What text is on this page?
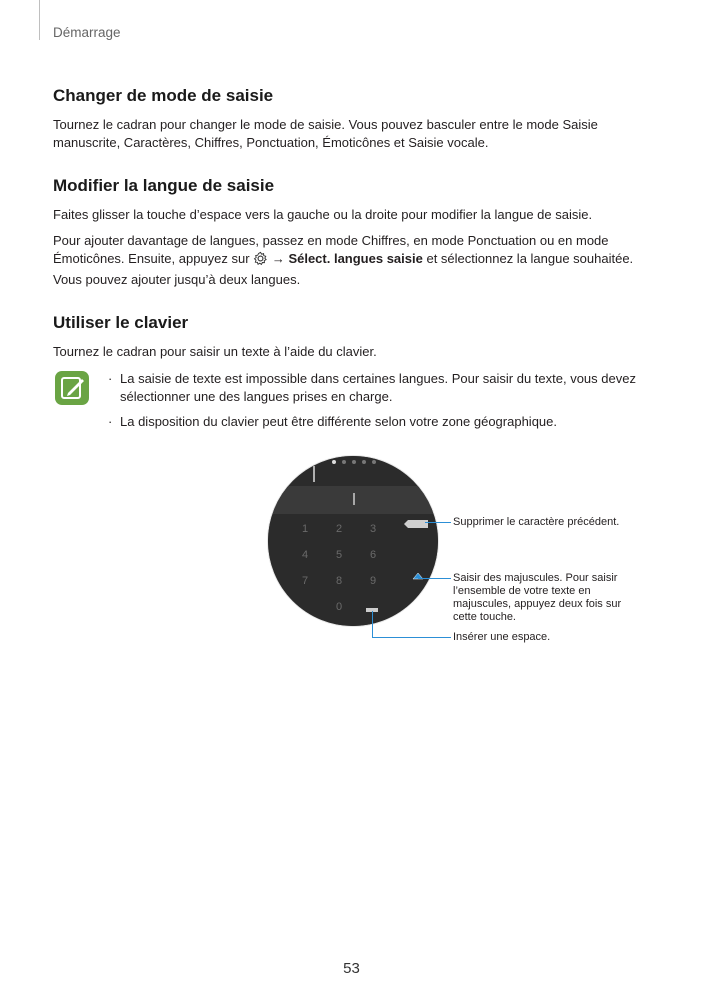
Démarrage
Changer de mode de saisie

Tournez le cadran pour changer le mode de saisie. Vous pouvez basculer entre le mode Saisie manuscrite, Caractères, Chiffres, Ponctuation, Émoticônes et Saisie vocale.

Modifier la langue de saisie

Faites glisser la touche d’espace vers la gauche ou la droite pour modifier la langue de saisie.

Pour ajouter davantage de langues, passez en mode Chiffres, en mode Ponctuation ou en mode Émoticônes. Ensuite, appuyez sur → Sélect. langues saisie et sélectionnez la langue souhaitée. Vous pouvez ajouter jusqu’à deux langues.

Utiliser le clavier

Tournez le cadran pour saisir un texte à l’aide du clavier.

· La saisie de texte est impossible dans certaines langues. Pour saisir du texte, vous devez sélectionner une des langues prises en charge.
· La disposition du clavier peut être différente selon votre zone géographique.
1	2	3
4	5	6
7	8	9
0
Supprimer le caractère précédent.
Saisir des majuscules. Pour saisir l’ensemble de votre texte en majuscules, appuyez deux fois sur cette touche.
Insérer une espace.
53
